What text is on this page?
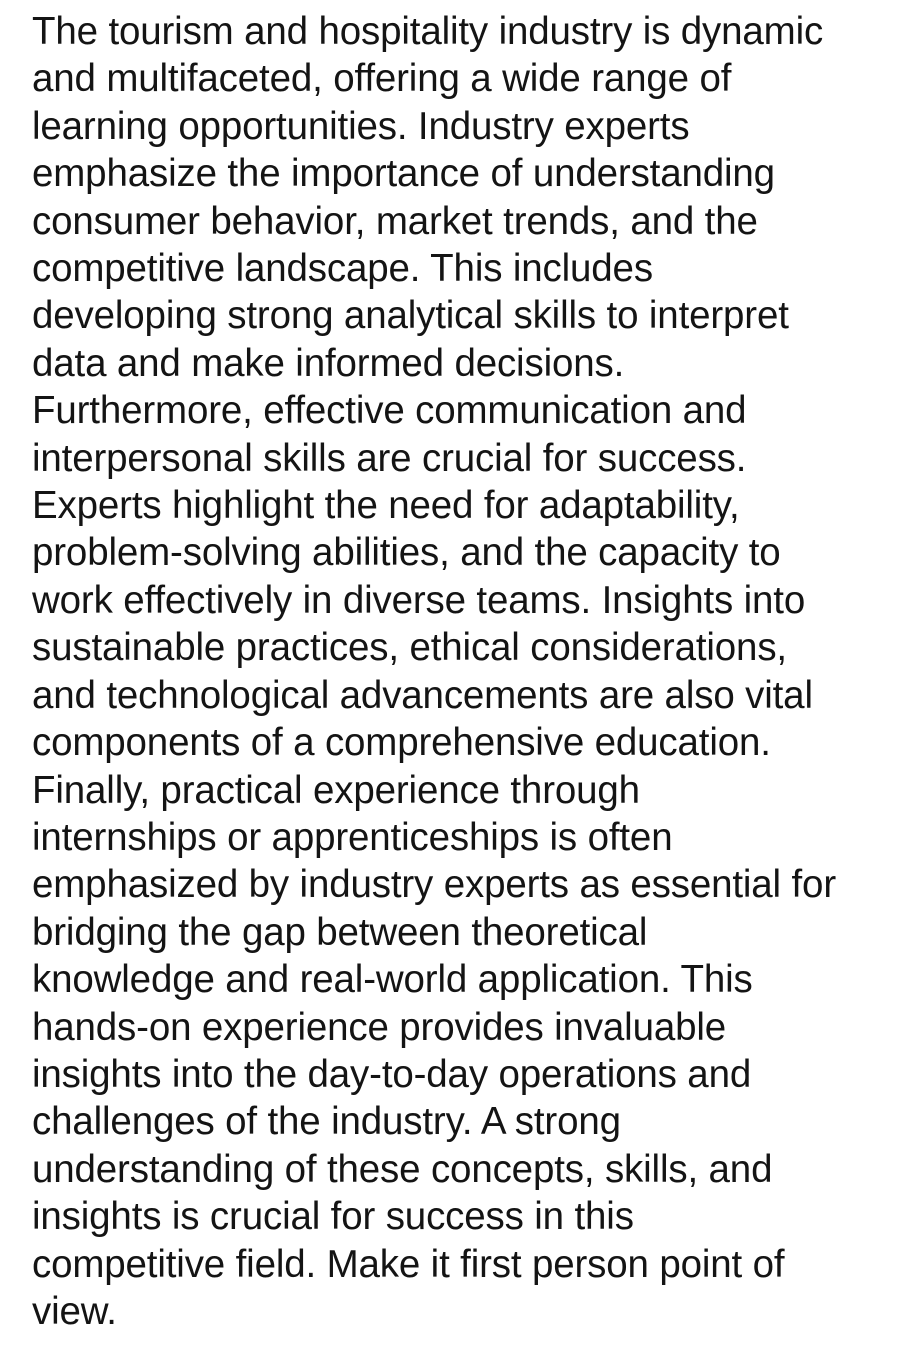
The tourism and hospitality industry is dynamic
and multifaceted, offering a wide range of
learning opportunities. Industry experts
emphasize the importance of understanding
consumer behavior, market trends, and the
competitive landscape. This includes
developing strong analytical skills to interpret
data and make informed decisions.
Furthermore, effective communication and
interpersonal skills are crucial for success.
Experts highlight the need for adaptability,
problem-solving abilities, and the capacity to
work effectively in diverse teams. Insights into
sustainable practices, ethical considerations,
and technological advancements are also vital
components of a comprehensive education.
Finally, practical experience through
internships or apprenticeships is often
emphasized by industry experts as essential for
bridging the gap between theoretical
knowledge and real-world application. This
hands-on experience provides invaluable
insights into the day-to-day operations and
challenges of the industry. A strong
understanding of these concepts, skills, and
insights is crucial for success in this
competitive field. Make it first person point of
view.
